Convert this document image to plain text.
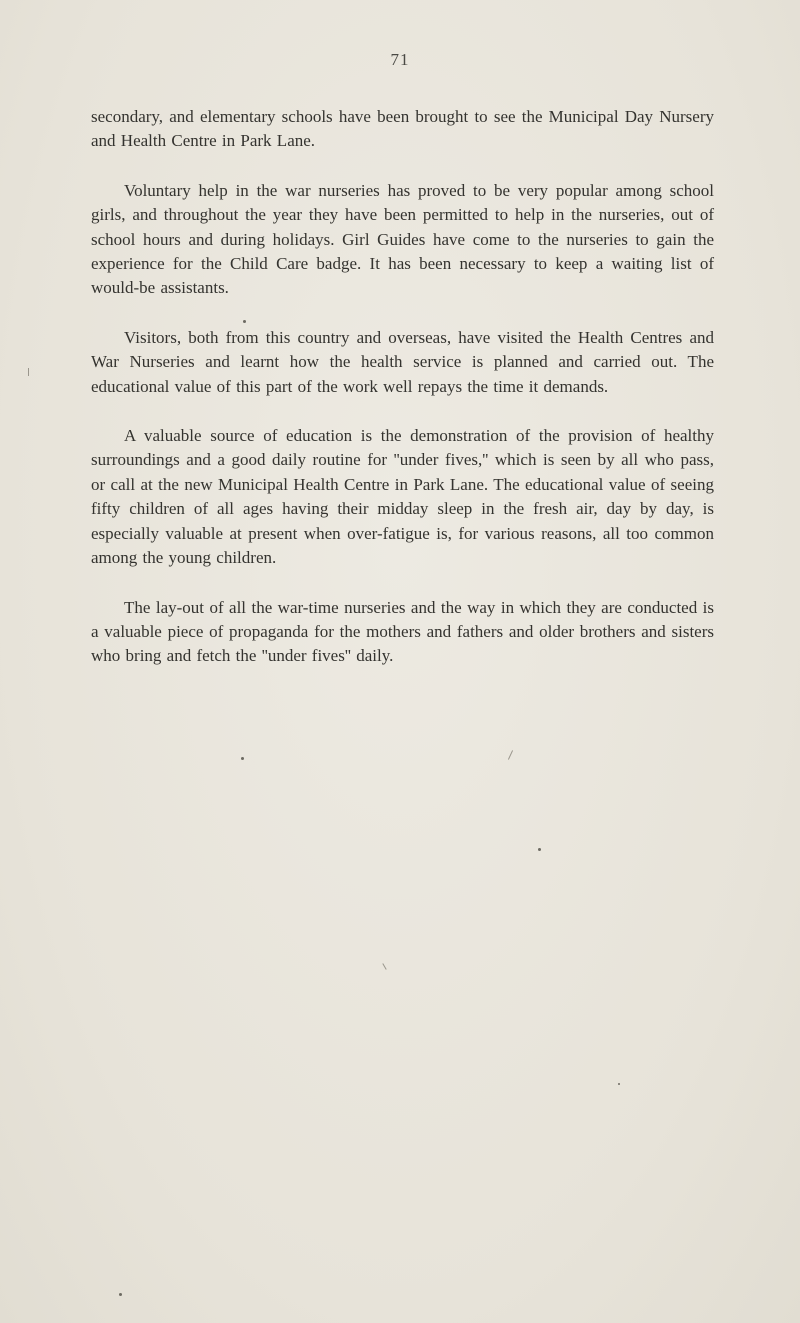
71

secondary, and elementary schools have been brought to see the Municipal Day Nursery and Health Centre in Park Lane.

Voluntary help in the war nurseries has proved to be very popular among school girls, and throughout the year they have been permitted to help in the nurseries, out of school hours and during holidays. Girl Guides have come to the nurseries to gain the experience for the Child Care badge. It has been necessary to keep a waiting list of would-be assistants.

Visitors, both from this country and overseas, have visited the Health Centres and War Nurseries and learnt how the health service is planned and carried out. The educational value of this part of the work well repays the time it demands.

A valuable source of education is the demonstration of the provision of healthy surroundings and a good daily routine for ''under fives,'' which is seen by all who pass, or call at the new Municipal Health Centre in Park Lane. The educational value of seeing fifty children of all ages having their midday sleep in the fresh air, day by day, is especially valuable at present when over-fatigue is, for various reasons, all too common among the young children.

The lay-out of all the war-time nurseries and the way in which they are conducted is a valuable piece of propaganda for the mothers and fathers and older brothers and sisters who bring and fetch the ''under fives'' daily.
